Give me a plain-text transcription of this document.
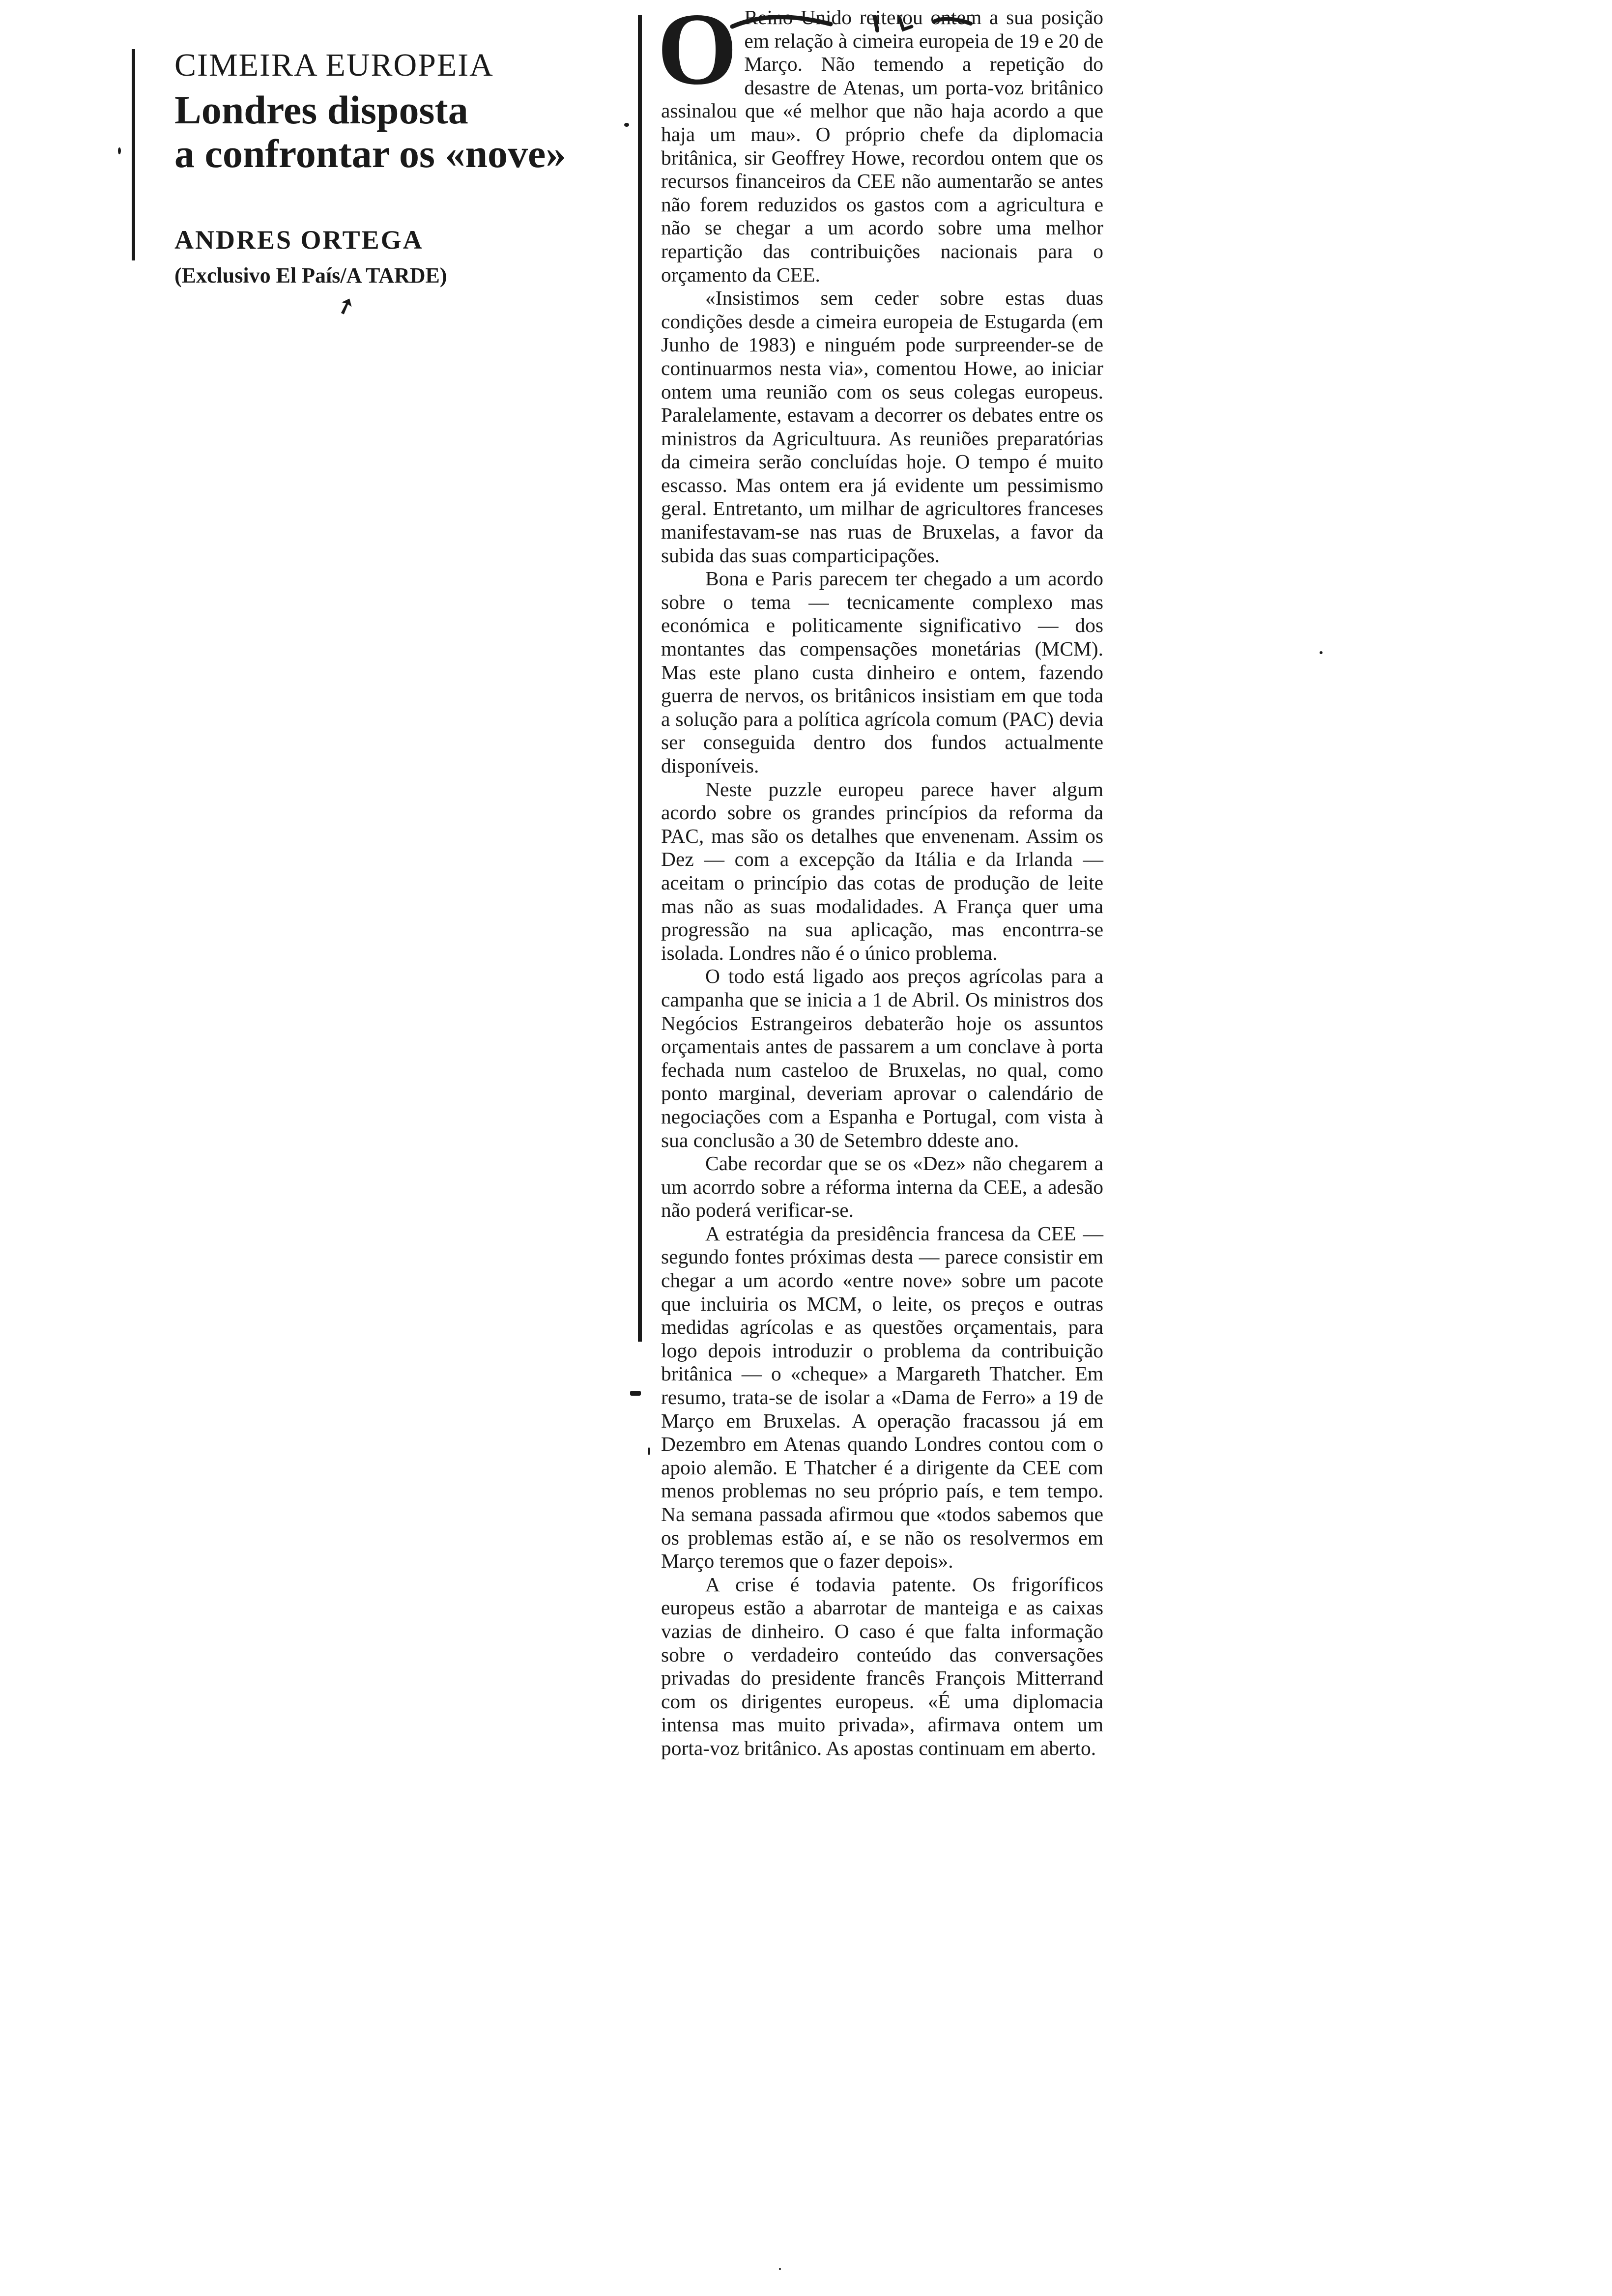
CIMEIRA EUROPEIA
Londres disposta
a confrontar os «nove»
ANDRES ORTEGA
(Exclusivo El País/A TARDE)
➚

O Reino Unido reiterou ontem a sua posição em relação à cimeira europeia de 19 e 20 de Março. Não temendo a repetição do desastre de Atenas, um porta-voz britânico assinalou que «é melhor que não haja acordo a que haja um mau». O próprio chefe da diplomacia britânica, sir Geoffrey Howe, recordou ontem que os recursos financeiros da CEE não aumentarão se antes não forem reduzidos os gastos com a agricultura e não se chegar a um acordo sobre uma melhor repartição das contribuições nacionais para o orçamento da CEE.

«Insistimos sem ceder sobre estas duas condições desde a cimeira europeia de Estugarda (em Junho de 1983) e ninguém pode surpreender-se de continuarmos nesta via», comentou Howe, ao iniciar ontem uma reunião com os seus colegas europeus. Paralelamente, estavam a decorrer os debates entre os ministros da Agricultuura. As reuniões preparatórias da cimeira serão concluídas hoje. O tempo é muito escasso. Mas ontem era já evidente um pessimismo geral. Entretanto, um milhar de agricultores franceses manifestavam-se nas ruas de Bruxelas, a favor da subida das suas comparticipações.

Bona e Paris parecem ter chegado a um acordo sobre o tema — tecnicamente complexo mas económica e politicamente significativo — dos montantes das compensações monetárias (MCM). Mas este plano custa dinheiro e ontem, fazendo guerra de nervos, os britânicos insistiam em que toda a solução para a política agrícola comum (PAC) devia ser conseguida dentro dos fundos actualmente disponíveis.

Neste puzzle europeu parece haver algum acordo sobre os grandes princípios da reforma da PAC, mas são os detalhes que envenenam. Assim os Dez — com a excepção da Itália e da Irlanda — aceitam o princípio das cotas de produção de leite mas não as suas modalidades. A França quer uma progressão na sua aplicação, mas encontrra-se isolada. Londres não é o único problema.

O todo está ligado aos preços agrícolas para a campanha que se inicia a 1 de Abril. Os ministros dos Negócios Estrangeiros debaterão hoje os assuntos orçamentais antes de passarem a um conclave à porta fechada num casteloo de Bruxelas, no qual, como ponto marginal, deveriam aprovar o calendário de negociações com a Espanha e Portugal, com vista à sua conclusão a 30 de Setembro ddeste ano.

Cabe recordar que se os «Dez» não chegarem a um acorrdo sobre a réforma interna da CEE, a adesão não poderá verificar-se.

A estratégia da presidência francesa da CEE — segundo fontes próximas desta — parece consistir em chegar a um acordo «entre nove» sobre um pacote que incluiria os MCM, o leite, os preços e outras medidas agrícolas e as questões orçamentais, para logo depois introduzir o problema da contribuição britânica — o «cheque» a Margareth Thatcher. Em resumo, trata-se de isolar a «Dama de Ferro» a 19 de Março em Bruxelas. A operação fracassou já em Dezembro em Atenas quando Londres contou com o apoio alemão. E Thatcher é a dirigente da CEE com menos problemas no seu próprio país, e tem tempo. Na semana passada afirmou que «todos sabemos que os problemas estão aí, e se não os resolvermos em Março teremos que o fazer depois».

A crise é todavia patente. Os frigoríficos europeus estão a abarrotar de manteiga e as caixas vazias de dinheiro. O caso é que falta informação sobre o verdadeiro conteúdo das conversações privadas do presidente francês François Mitterrand com os dirigentes europeus. «É uma diplomacia intensa mas muito privada», afirmava ontem um porta-voz britânico. As apostas continuam em aberto.
